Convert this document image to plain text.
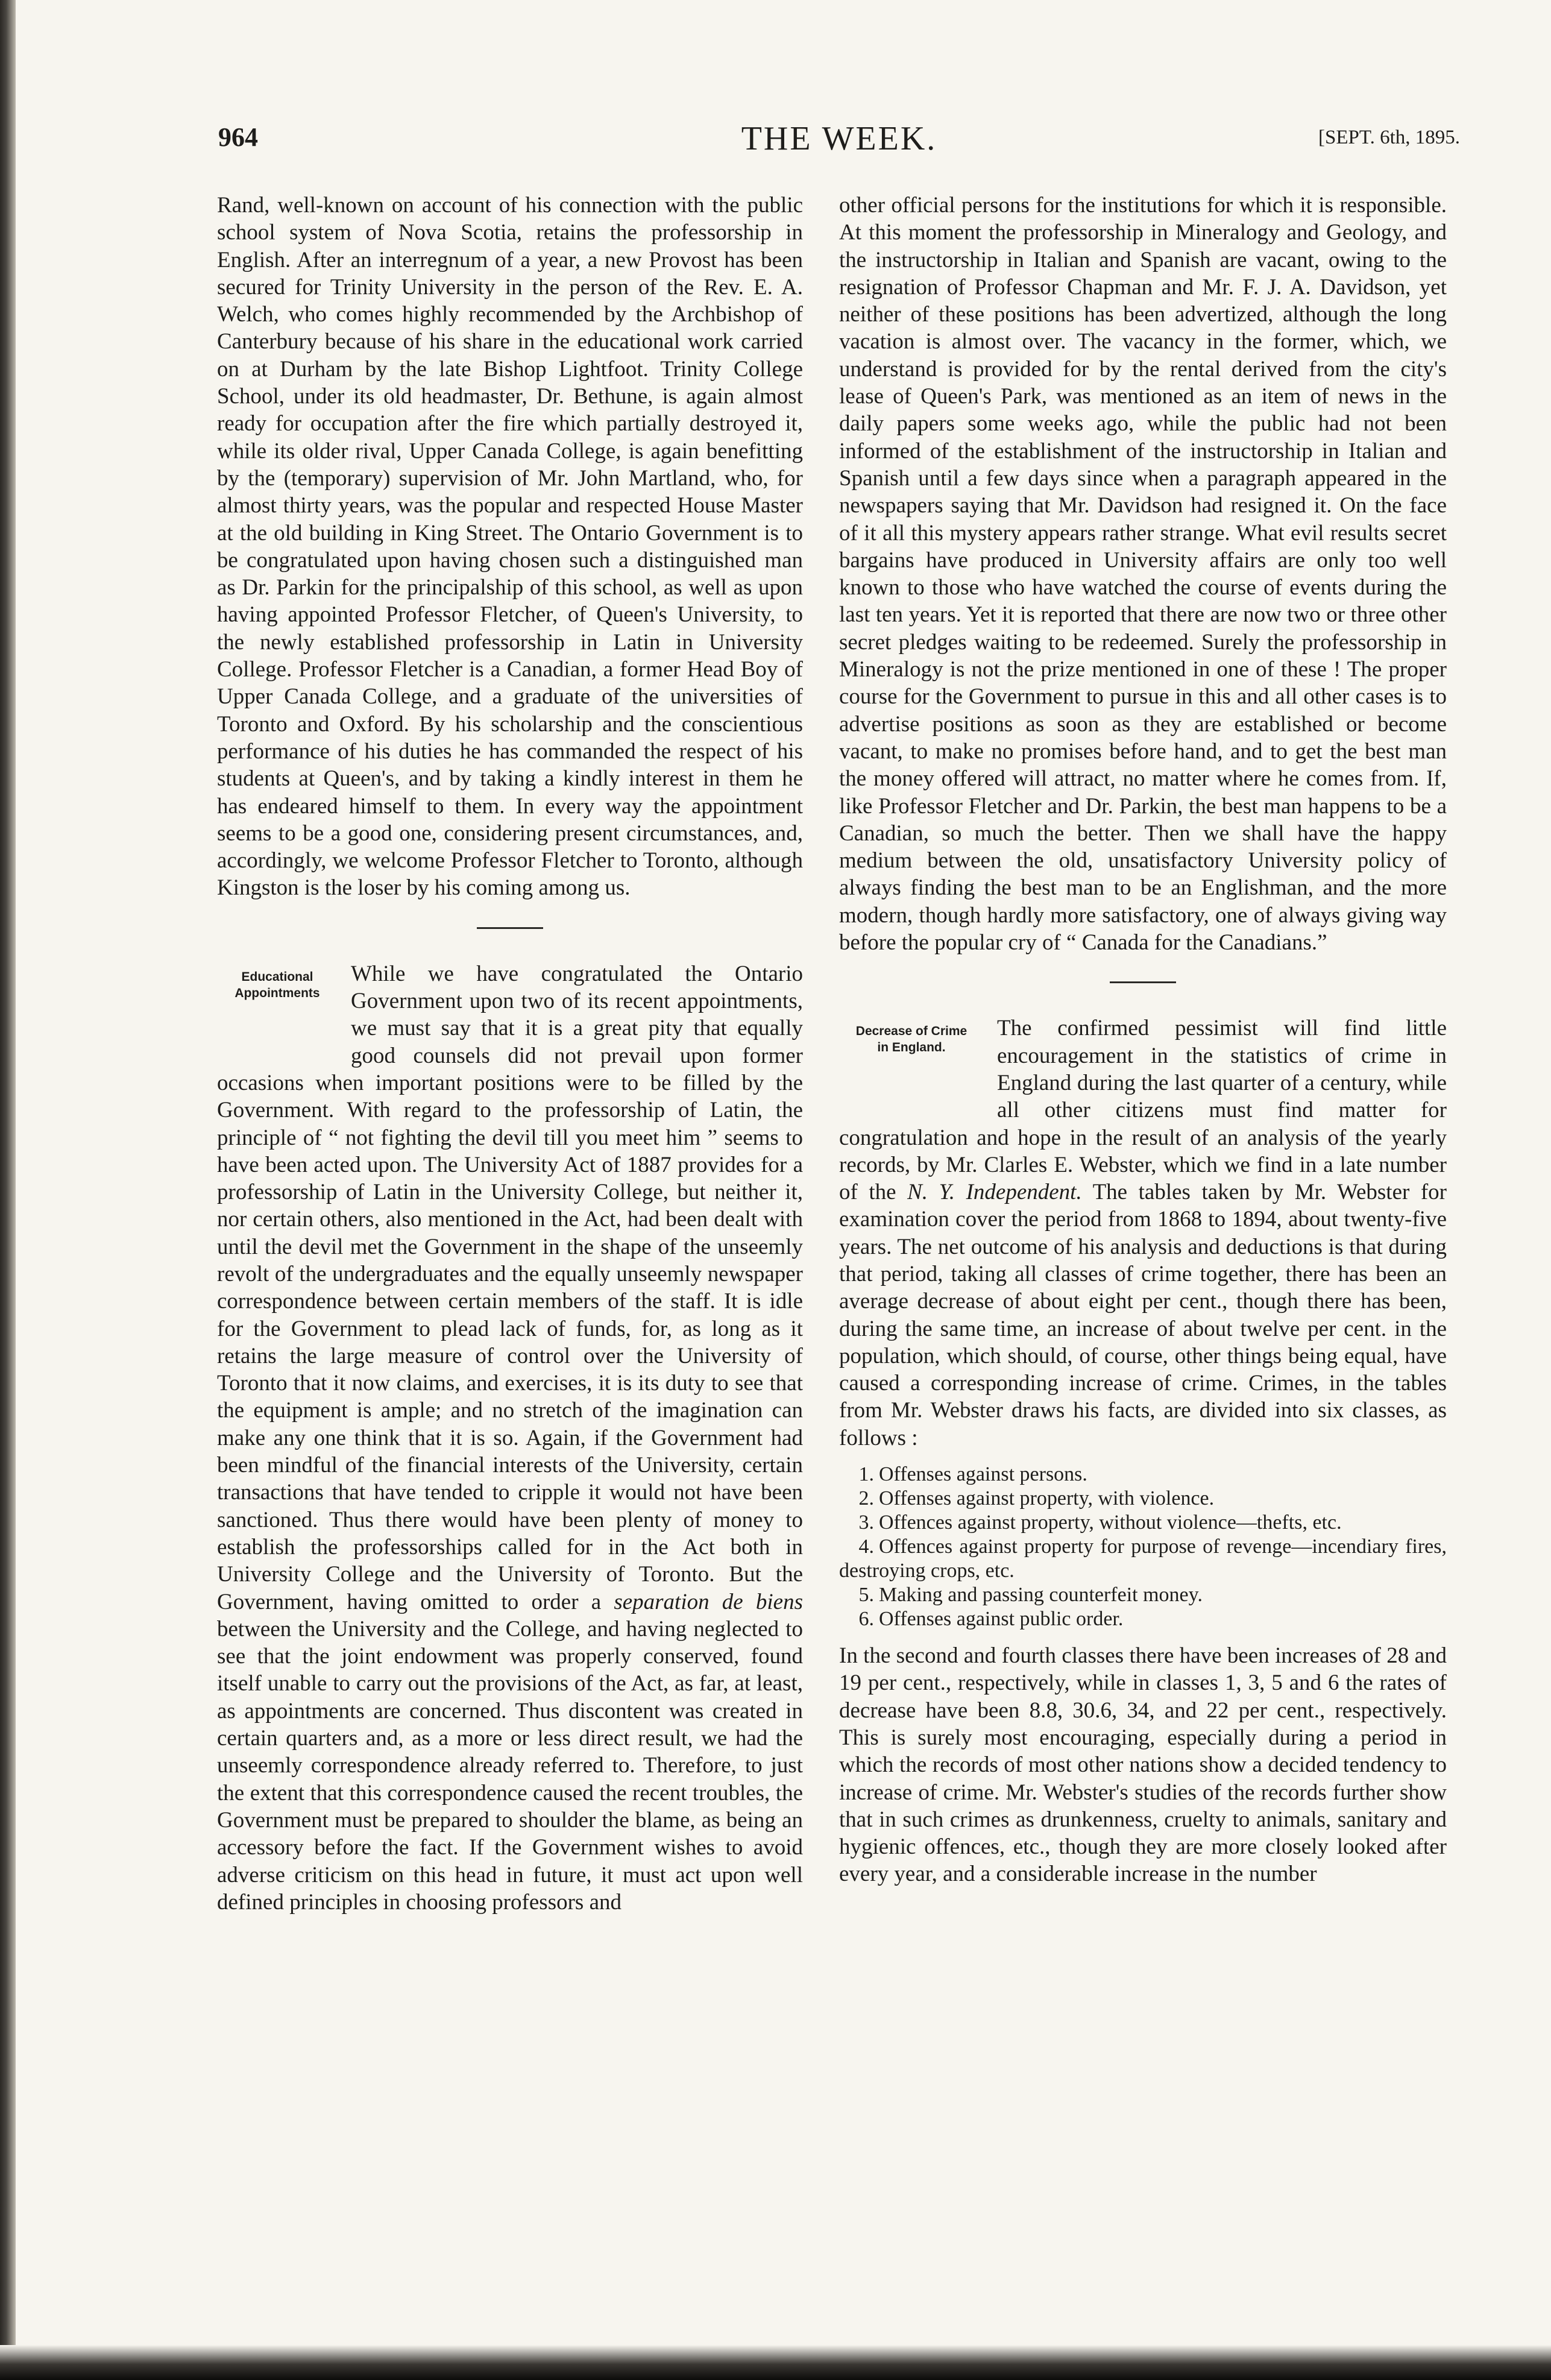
964	THE WEEK.	[SEPT. 6th, 1895.

Rand, well-known on account of his connection with the public school system of Nova Scotia, retains the professorship in English. After an interregnum of a year, a new Provost has been secured for Trinity University in the person of the Rev. E. A. Welch, who comes highly recommended by the Archbishop of Canterbury because of his share in the educational work carried on at Durham by the late Bishop Lightfoot. Trinity College School, under its old headmaster, Dr. Bethune, is again almost ready for occupation after the fire which partially destroyed it, while its older rival, Upper Canada College, is again benefitting by the (temporary) supervision of Mr. John Martland, who, for almost thirty years, was the popular and respected House Master at the old building in King Street. The Ontario Government is to be congratulated upon having chosen such a distinguished man as Dr. Parkin for the principalship of this school, as well as upon having appointed Professor Fletcher, of Queen's University, to the newly established professorship in Latin in University College. Professor Fletcher is a Canadian, a former Head Boy of Upper Canada College, and a graduate of the universities of Toronto and Oxford. By his scholarship and the conscientious performance of his duties he has commanded the respect of his students at Queen's, and by taking a kindly interest in them he has endeared himself to them. In every way the appointment seems to be a good one, considering present circumstances, and, accordingly, we welcome Professor Fletcher to Toronto, although Kingston is the loser by his coming among us.

Educational
Appointments

While we have congratulated the Ontario Government upon two of its recent appointments, we must say that it is a great pity that equally good counsels did not prevail upon former occasions when important positions were to be filled by the Government. With regard to the professorship of Latin, the principle of “ not fighting the devil till you meet him ” seems to have been acted upon. The University Act of 1887 provides for a professorship of Latin in the University College, but neither it, nor certain others, also mentioned in the Act, had been dealt with until the devil met the Government in the shape of the unseemly revolt of the undergraduates and the equally unseemly newspaper correspondence between certain members of the staff. It is idle for the Government to plead lack of funds, for, as long as it retains the large measure of control over the University of Toronto that it now claims, and exercises, it is its duty to see that the equipment is ample; and no stretch of the imagination can make any one think that it is so. Again, if the Government had been mindful of the financial interests of the University, certain transactions that have tended to cripple it would not have been sanctioned. Thus there would have been plenty of money to establish the professorships called for in the Act both in University College and the University of Toronto. But the Government, having omitted to order a separation de biens between the University and the College, and having neglected to see that the joint endowment was properly conserved, found itself unable to carry out the provisions of the Act, as far, at least, as appointments are concerned. Thus discontent was created in certain quarters and, as a more or less direct result, we had the unseemly correspondence already referred to. Therefore, to just the extent that this correspondence caused the recent troubles, the Government must be prepared to shoulder the blame, as being an accessory before the fact. If the Government wishes to avoid adverse criticism on this head in future, it must act upon well defined principles in choosing professors and

other official persons for the institutions for which it is responsible. At this moment the professorship in Mineralogy and Geology, and the instructorship in Italian and Spanish are vacant, owing to the resignation of Professor Chapman and Mr. F. J. A. Davidson, yet neither of these positions has been advertized, although the long vacation is almost over. The vacancy in the former, which, we understand is provided for by the rental derived from the city's lease of Queen's Park, was mentioned as an item of news in the daily papers some weeks ago, while the public had not been informed of the establishment of the instructorship in Italian and Spanish until a few days since when a paragraph appeared in the newspapers saying that Mr. Davidson had resigned it. On the face of it all this mystery appears rather strange. What evil results secret bargains have produced in University affairs are only too well known to those who have watched the course of events during the last ten years. Yet it is reported that there are now two or three other secret pledges waiting to be redeemed. Surely the professorship in Mineralogy is not the prize mentioned in one of these ! The proper course for the Government to pursue in this and all other cases is to advertise positions as soon as they are established or become vacant, to make no promises before hand, and to get the best man the money offered will attract, no matter where he comes from. If, like Professor Fletcher and Dr. Parkin, the best man happens to be a Canadian, so much the better. Then we shall have the happy medium between the old, unsatisfactory University policy of always finding the best man to be an Englishman, and the more modern, though hardly more satisfactory, one of always giving way before the popular cry of “ Canada for the Canadians.”

Decrease of Crime
in England.

The confirmed pessimist will find little encouragement in the statistics of crime in England during the last quarter of a century, while all other citizens must find matter for congratulation and hope in the result of an analysis of the yearly records, by Mr. Clarles E. Webster, which we find in a late number of the N. Y. Independent. The tables taken by Mr. Webster for examination cover the period from 1868 to 1894, about twenty-five years. The net outcome of his analysis and deductions is that during that period, taking all classes of crime together, there has been an average decrease of about eight per cent., though there has been, during the same time, an increase of about twelve per cent. in the population, which should, of course, other things being equal, have caused a corresponding increase of crime. Crimes, in the tables from Mr. Webster draws his facts, are divided into six classes, as follows :

1. Offenses against persons.
2. Offenses against property, with violence.
3. Offences against property, without violence—thefts, etc.
4. Offences against property for purpose of revenge—incendiary fires, destroying crops, etc.
5. Making and passing counterfeit money.
6. Offenses against public order.

In the second and fourth classes there have been increases of 28 and 19 per cent., respectively, while in classes 1, 3, 5 and 6 the rates of decrease have been 8.8, 30.6, 34, and 22 per cent., respectively. This is surely most encouraging, especially during a period in which the records of most other nations show a decided tendency to increase of crime. Mr. Webster's studies of the records further show that in such crimes as drunkenness, cruelty to animals, sanitary and hygienic offences, etc., though they are more closely looked after every year, and a considerable increase in the number
